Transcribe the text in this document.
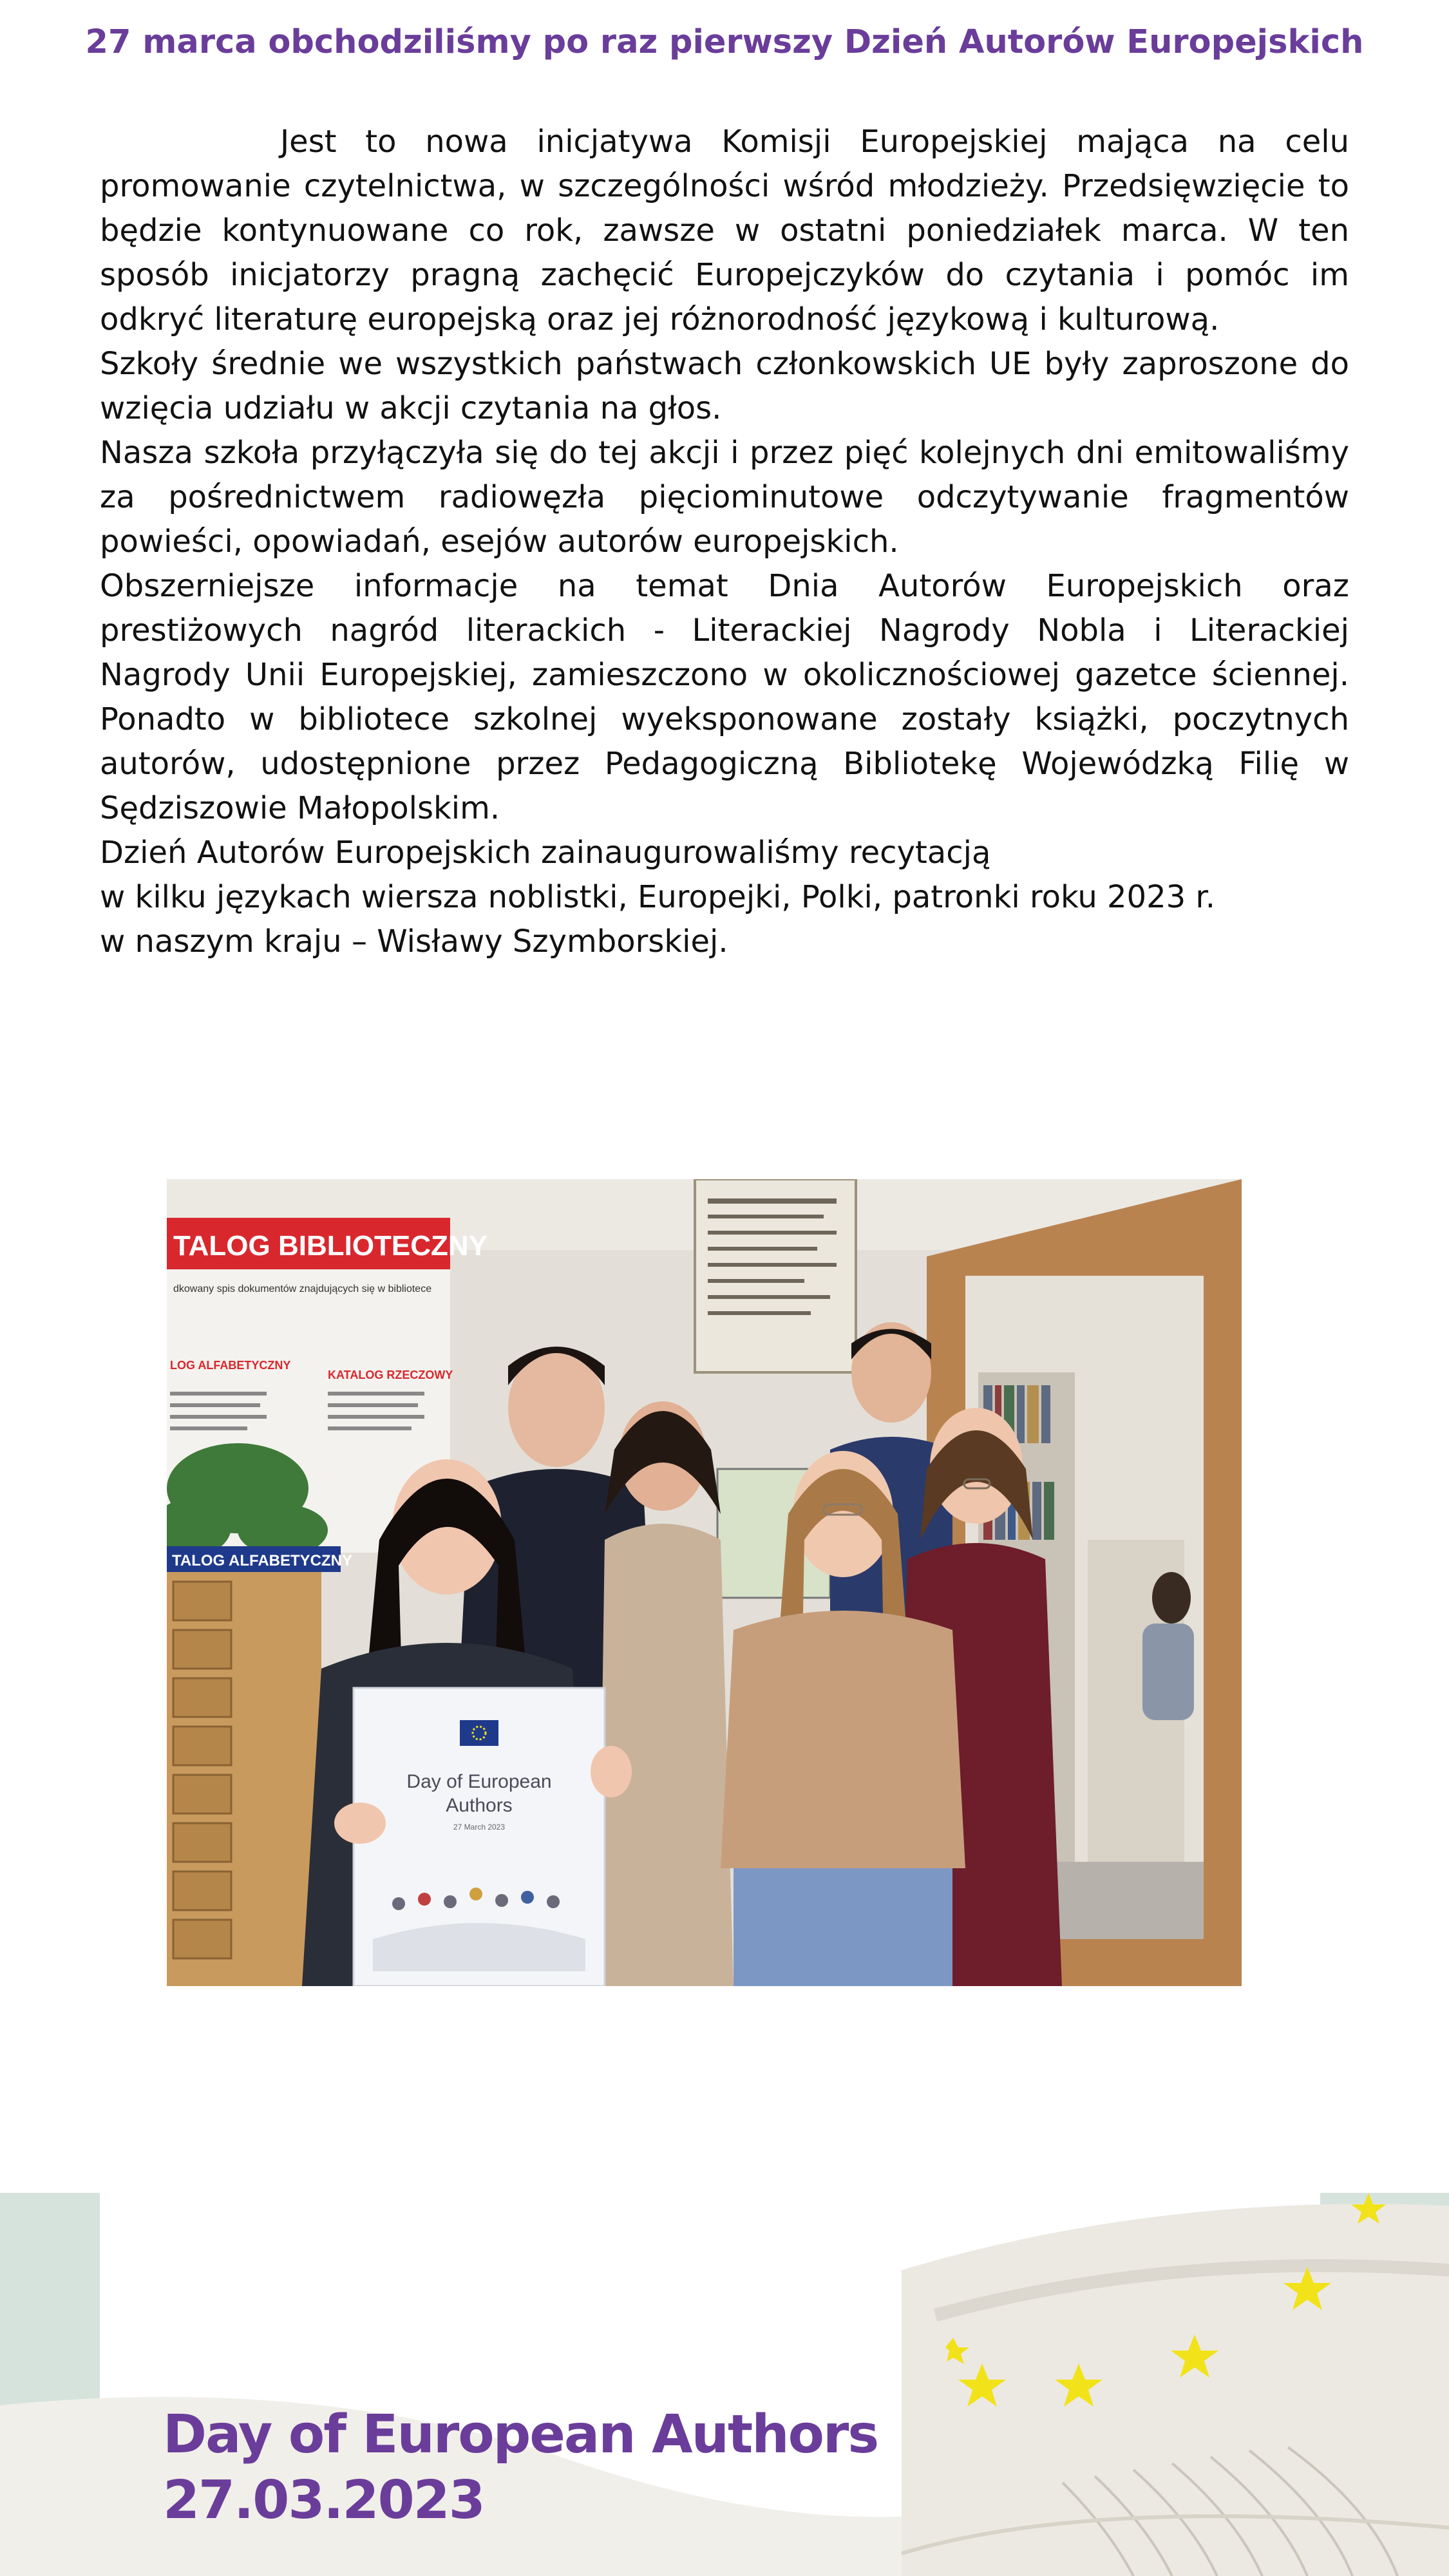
27 marca obchodziliśmy po raz pierwszy Dzień Autorów Europejskich

Jest to nowa inicjatywa Komisji Europejskiej mająca na celu promowanie czytelnictwa, w szczególności wśród młodzieży. Przedsięwzięcie to będzie kontynuowane co rok, zawsze w ostatni poniedziałek marca. W ten sposób inicjatorzy pragną zachęcić Europejczyków do czytania i pomóc im odkryć literaturę europejską oraz jej różnorodność językową i kulturową.

Szkoły średnie we wszystkich państwach członkowskich UE były zaproszone do wzięcia udziału w akcji czytania na głos.

Nasza szkoła przyłączyła się do tej akcji i przez pięć kolejnych dni emitowaliśmy za pośrednictwem radiowęzła pięciominutowe odczytywanie fragmentów powieści, opowiadań, esejów autorów europejskich.

Obszerniejsze informacje na temat Dnia Autorów Europejskich oraz prestiżowych nagród literackich - Literackiej Nagrody Nobla i Literackiej Nagrody Unii Europejskiej, zamieszczono w okolicznościowej gazetce ściennej. Ponadto w bibliotece szkolnej wyeksponowane zostały książki, poczytnych autorów, udostępnione przez Pedagogiczną Bibliotekę Wojewódzką Filię w Sędziszowie Małopolskim.

Dzień Autorów Europejskich zainaugurowaliśmy recytacją

w kilku językach wiersza noblistki, Europejki, Polki, patronki roku 2023 r.

w naszym kraju – Wisławy Szymborskiej.

TALOG BIBLIOTECZNY
dkowany spis dokumentów znajdujących się w bibliotece
LOG ALFABETYCZNY
KATALOG RZECZOWY
TALOG ALFABETYCZNY
Day of European
Authors
27 March 2023
Day of European Authors
27.03.2023
